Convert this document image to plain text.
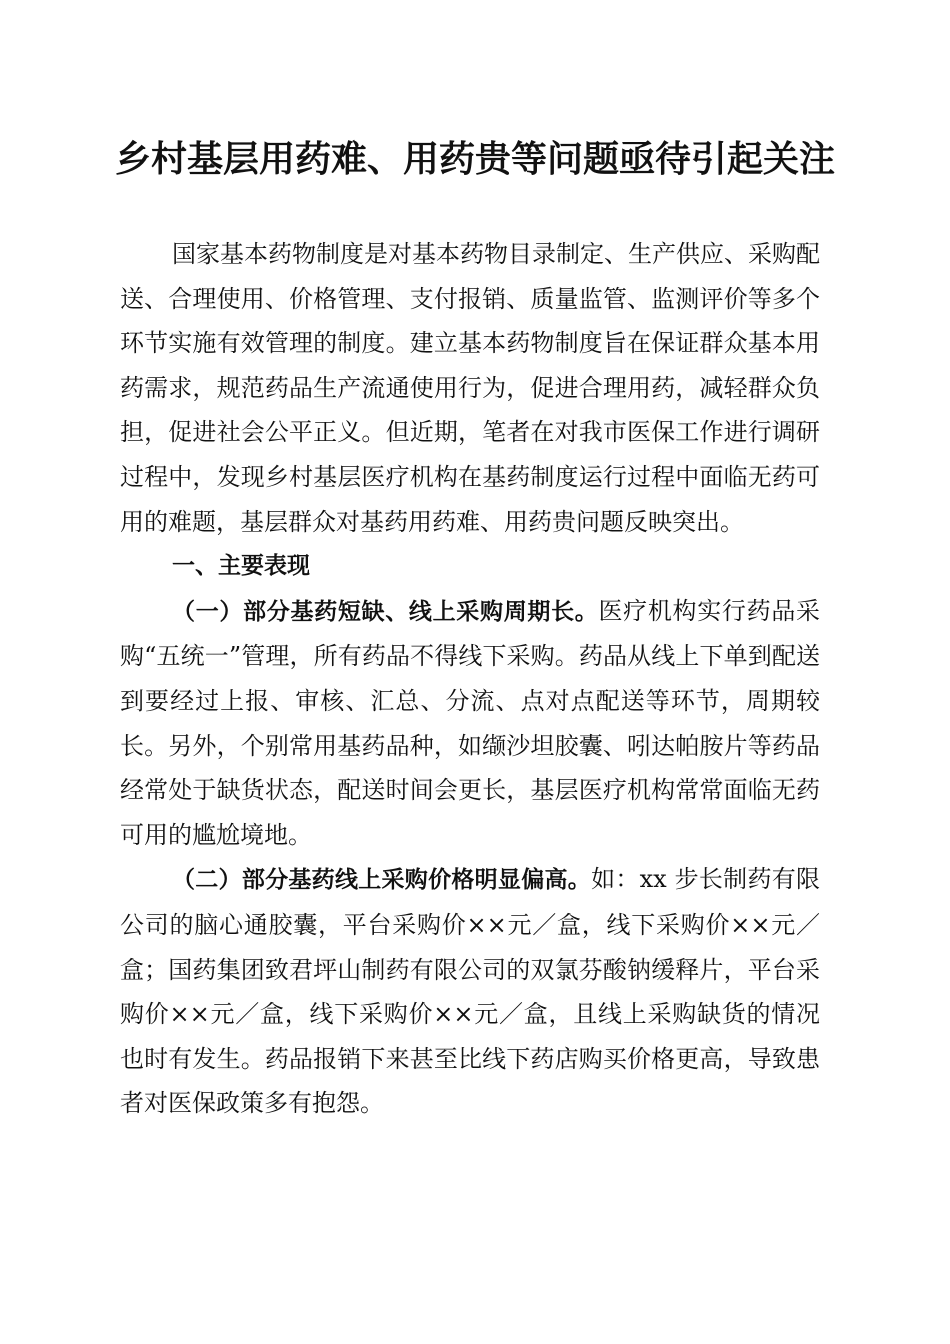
乡村基层用药难、用药贵等问题亟待引起关注

国家基本药物制度是对基本药物目录制定、生产供应、采购配送、合理使用、价格管理、支付报销、质量监管、监测评价等多个环节实施有效管理的制度。建立基本药物制度旨在保证群众基本用药需求，规范药品生产流通使用行为，促进合理用药，减轻群众负担，促进社会公平正义。但近期，笔者在对我市医保工作进行调研过程中，发现乡村基层医疗机构在基药制度运行过程中面临无药可用的难题，基层群众对基药用药难、用药贵问题反映突出。

一、主要表现

（一）部分基药短缺、线上采购周期长。医疗机构实行药品采购“五统一”管理，所有药品不得线下采购。药品从线上下单到配送到要经过上报、审核、汇总、分流、点对点配送等环节，周期较长。另外，个别常用基药品种，如缬沙坦胶囊、吲达帕胺片等药品经常处于缺货状态，配送时间会更长，基层医疗机构常常面临无药可用的尴尬境地。

（二）部分基药线上采购价格明显偏高。如：xx 步长制药有限公司的脑心通胶囊，平台采购价××元／盒，线下采购价××元／盒；国药集团致君坪山制药有限公司的双氯芬酸钠缓释片，平台采购价××元／盒，线下采购价××元／盒，且线上采购缺货的情况也时有发生。药品报销下来甚至比线下药店购买价格更高，导致患者对医保政策多有抱怨。
